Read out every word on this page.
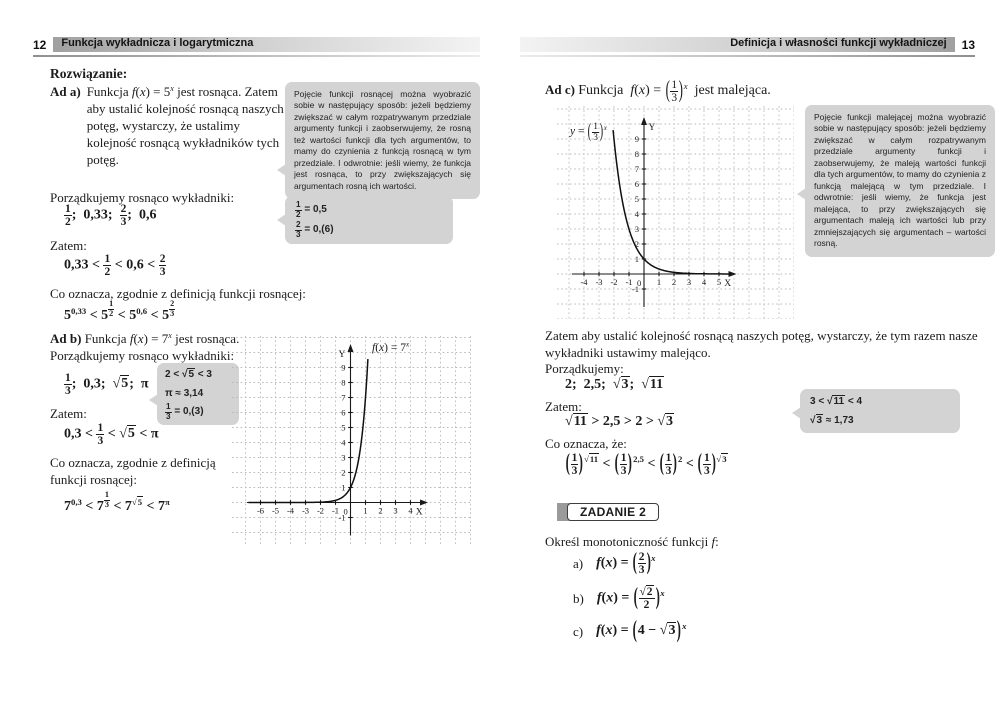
12	Funkcja wykładnicza i logarytmiczna
Rozwiązanie:
Ad a) Funkcja $f(x) = 5^x$ jest rosnąca. Zatem aby ustalić kolejność rosnącą naszych potęg, wystarczy, że ustalimy kolejność rosnącą wykładników tych potęg.
Pojęcie funkcji rosnącej można wyobrazić sobie w następujący sposób: jeżeli będziemy zwiększać w całym rozpatrywanym przedziale argumenty funkcji i zaobserwujemy, że rosną też wartości funkcji dla tych argumentów, to mamy do czynienia z funkcją rosnącą w tym przedziale. I odwrotnie: jeśli wiemy, że funkcja jest rosnąca, to przy zwiększających się argumentach rosną ich wartości.
Porządkujemy rosnąco wykładniki:
$\frac{1}{2}$ ;  0,33; $\frac{2}{3}$ ;  0,6	$\frac{1}{2} = 0,5$
$\frac{2}{3} = 0,(6)$
Zatem:
$0,33 < \frac{1}{2} < 0,6 < \frac{2}{3}$
Co oznacza, zgodnie z definicją funkcji rosnącej:
$5^{0,33} < 5$ $^{\frac{1}{2}} < 5^{0,6} < 5$ $^{\frac{2}{3}}$
Ad b) Funkcja $f(x) = 7^x$ jest rosnąca.
Porządkujemy rosnąco wykładniki:
$\frac{1}{3}$ ;  0,3;  √5;  π
2 < √5 < 3
π ≈ 3,14
$\frac{1}{3} = 0,(3)$
Zatem:
$0,3 < \frac{1}{3} < √5 < \pi$
Co oznacza, zgodnie z definicją funkcji rosnącej:
$7^{0,3} < 7$ $^{\frac{1}{3}} < 7^{√5} < 7^\pi$
-6 -5 -4 -3 -2 -1	1 2 3 4
-1
1
2
3
4
5
6
7
8
9
X
Y
0
$f(x) = 7^x$
Definicja i własności funkcji wykładniczej	13
Ad c) Funkcja  f(x) = ( $\frac{1}{3} )^x$  jest malejąca.
-4 -3 -2 -1	1 2 3 4 5
-1
1
2
3
4
5
6
7
8
9
X
Y
0
y = ( $\frac{1}{3} )^x$
Pojęcie funkcji malejącej można wyobrazić sobie w następujący sposób: jeżeli będziemy zwiększać w całym rozpatrywanym przedziale argumenty funkcji i zaobserwujemy, że maleją wartości funkcji dla tych argumentów, to mamy do czynienia z funkcją malejącą w tym przedziale. I odwrotnie: jeśli wiemy, że funkcja jest malejąca, to przy zwiększających się argumentach maleją ich wartości lub przy zmniejszających się argumentach – wartości rosną.
Zatem aby ustalić kolejność rosnącą naszych potęg, wystarczy, że tym razem nasze wykładniki ustawimy malejąco.
Porządkujemy:
2;  2,5;  √3;  √11
Zatem:
√11 > 2,5 > 2 > √3
3 < √11 < 4
√3 ≈ 1,73
Co oznacza, że:
( $\frac{1}{3} )^{√11}$ < ( $\frac{1}{3} )^{2,5}$ < ( $\frac{1}{3} )^2$ < ( $\frac{1}{3} )^{√3}$
ZADANIE 2
Określ monotoniczność funkcji f:
a) f(x) = ( $\frac{2}{3} )^x$
b) f(x) = ( $\frac{√2}{2} )^x$
c) f(x) = (4 − √3 )$^x$
